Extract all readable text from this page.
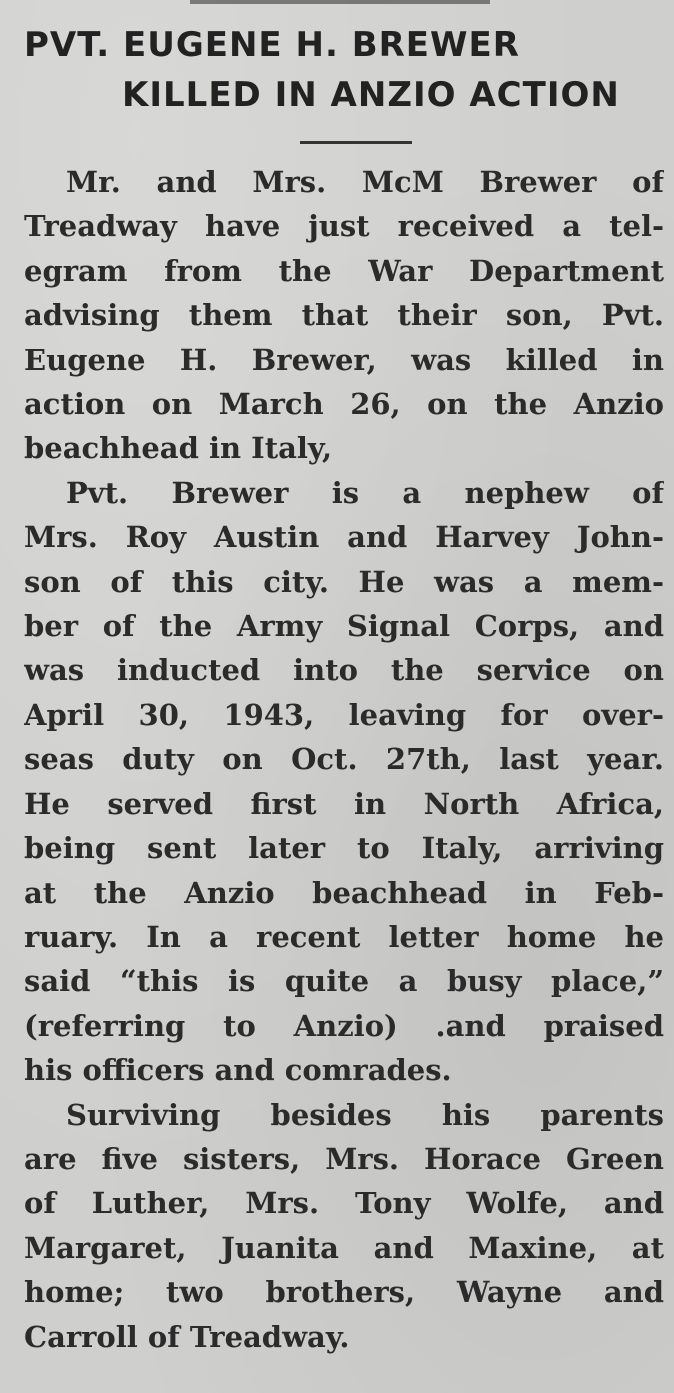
PVT. EUGENE H. BREWER
KILLED IN ANZIO ACTION

Mr. and Mrs. McM Brewer of
Treadway have just received a tel-
egram from the War Department
advising them that their son, Pvt.
Eugene H. Brewer, was killed in
action on March 26, on the Anzio
beachhead in Italy,

Pvt. Brewer is a nephew of
Mrs. Roy Austin and Harvey John-
son of this city. He was a mem-
ber of the Army Signal Corps, and
was inducted into the service on
April 30, 1943, leaving for over-
seas duty on Oct. 27th, last year.
He served first in North Africa,
being sent later to Italy, arriving
at the Anzio beachhead in Feb-
ruary. In a recent letter home he
said “this is quite a busy place,”
(referring to Anzio) .and praised
his officers and comrades.

Surviving besides his parents
are five sisters, Mrs. Horace Green
of Luther, Mrs. Tony Wolfe, and
Margaret, Juanita and Maxine, at
home; two brothers, Wayne and
Carroll of Treadway.
